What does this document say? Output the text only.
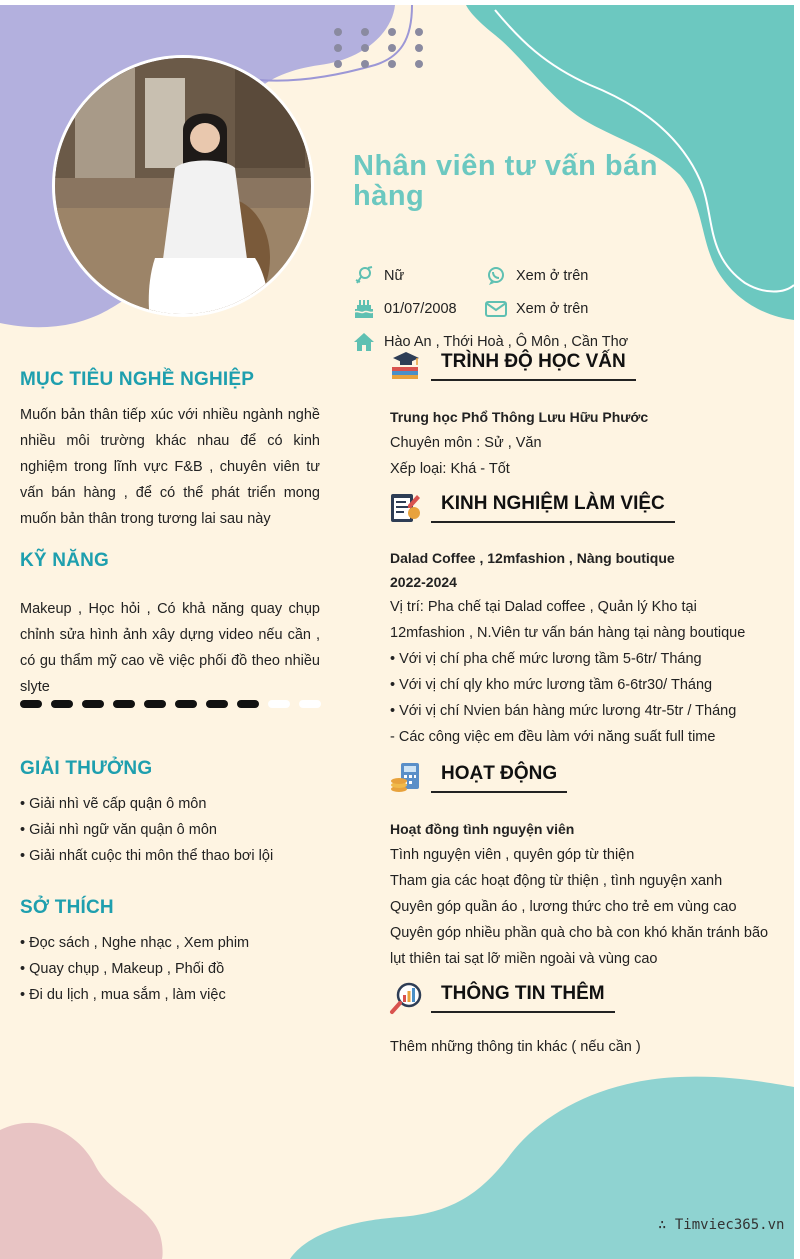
Nhân viên tư vấn bán hàng
Nữ	Xem ở trên
01/07/2008	Xem ở trên
Hào An , Thới Hoà , Ô Môn , Cần Thơ
MỤC TIÊU NGHỀ NGHIỆP
Muốn bản thân tiếp xúc với nhiều ngành nghề nhiều môi trường khác nhau để có kinh nghiệm trong lĩnh vực F&B , chuyên viên tư vấn bán hàng , để có thể phát triển mong muốn bản thân trong tương lai sau này
KỸ NĂNG
Makeup , Học hỏi , Có khả năng quay chụp chỉnh sửa hình ảnh xây dựng video nếu cần , có gu thẩm mỹ cao về việc phối đồ theo nhiều slyte
GIẢI THƯỞNG
• Giải nhì vẽ cấp quận ô môn
• Giải nhì ngữ văn quận ô môn
• Giải nhất cuộc thi môn thể thao bơi lội
SỞ THÍCH
• Đọc sách , Nghe nhạc , Xem phim
• Quay chụp , Makeup , Phối đồ
• Đi du lịch , mua sắm , làm việc
TRÌNH ĐỘ HỌC VẤN
Trung học Phổ Thông Lưu Hữu Phước
Chuyên môn : Sử , Văn
Xếp loại: Khá - Tốt
KINH NGHIỆM LÀM VIỆC
Dalad Coffee , 12mfashion , Nàng boutique
2022-2024
Vị trí: Pha chế tại Dalad coffee , Quản lý Kho tại 12mfashion , N.Viên tư vấn bán hàng tại nàng boutique
• Với vị chí pha chế mức lương tầm 5-6tr/ Tháng
• Với vị chí qly kho mức lương tầm 6-6tr30/ Tháng
• Với vị chí Nvien bán hàng mức lương 4tr-5tr / Tháng
- Các công việc em đều làm với năng suất full time
HOẠT ĐỘNG
Hoạt đồng tình nguyện viên
Tình nguyện viên , quyên góp từ thiện
Tham gia các hoạt động từ thiện , tình nguyện xanh
Quyên góp quần áo , lương thức cho trẻ em vùng cao
Quyên góp nhiều phần quà cho bà con khó khăn tránh bão lụt thiên tai sạt lỡ miền ngoài và vùng cao
THÔNG TIN THÊM
Thêm những thông tin khác ( nếu cần )
∴ Timviec365.vn
